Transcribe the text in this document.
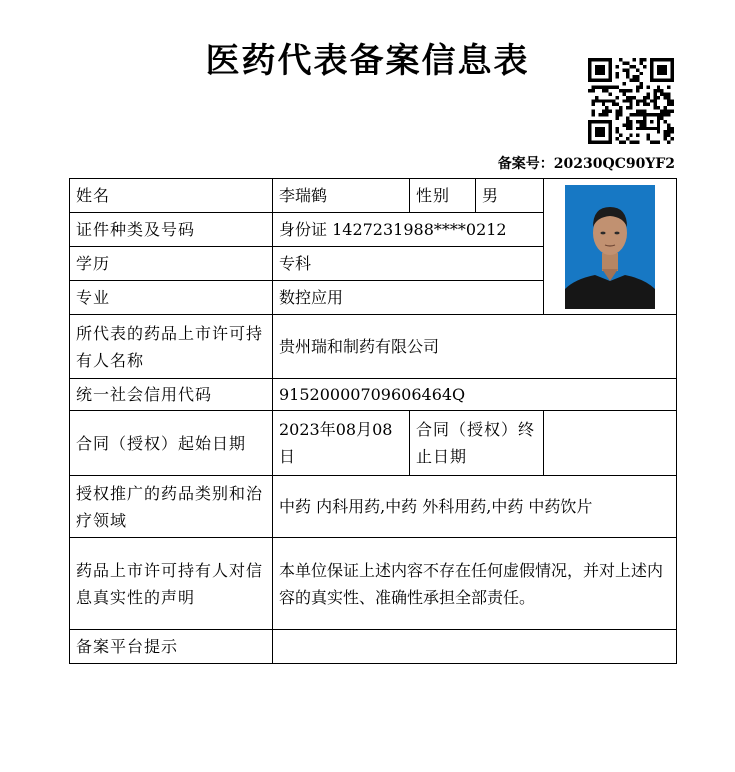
医药代表备案信息表
备案号：20230QC90YF2
姓名	李瑞鹤	性别	男	

证件种类及号码	身份证 1427231988****0212			
学历	专科			
专业	数控应用			
所代表的药品上市许可持有人名称	贵州瑞和制药有限公司			
统一社会信用代码	91520000709606464Q			
合同（授权）起始日期	2023年08月08日	合同（授权）终止日期		
授权推广的药品类别和治疗领域	中药 内科用药,中药 外科用药,中药 中药饮片			
药品上市许可持有人对信息真实性的声明	本单位保证上述内容不存在任何虚假情况，并对上述内容的真实性、准确性承担全部责任。			
备案平台提示				
